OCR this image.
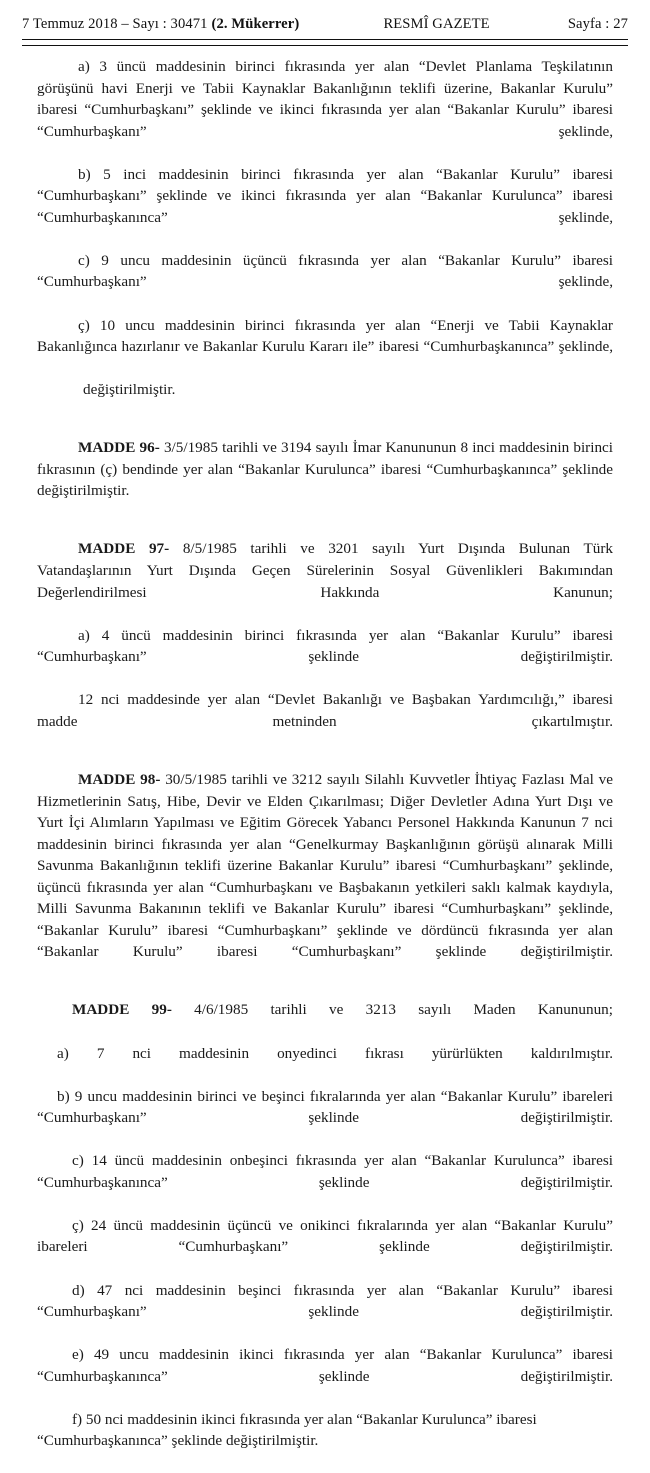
7 Temmuz 2018 – Sayı : 30471 (2. Mükerrer)	RESMÎ GAZETE	Sayfa : 27

a) 3 üncü maddesinin birinci fıkrasında yer alan “Devlet Planlama Teşkilatının görüşünü havi Enerji ve Tabii Kaynaklar Bakanlığının teklifi üzerine, Bakanlar Kurulu” ibaresi “Cumhurbaşkanı” şeklinde ve ikinci fıkrasında yer alan “Bakanlar Kurulu” ibaresi “Cumhurbaşkanı” şeklinde,

b) 5 inci maddesinin birinci fıkrasında yer alan “Bakanlar Kurulu” ibaresi “Cumhurbaşkanı” şeklinde ve ikinci fıkrasında yer alan “Bakanlar Kurulunca” ibaresi “Cumhurbaşkanınca” şeklinde,

c) 9 uncu maddesinin üçüncü fıkrasında yer alan “Bakanlar Kurulu” ibaresi “Cumhurbaşkanı” şeklinde,

ç) 10 uncu maddesinin birinci fıkrasında yer alan “Enerji ve Tabii Kaynaklar Bakanlığınca hazırlanır ve Bakanlar Kurulu Kararı ile” ibaresi “Cumhurbaşkanınca” şeklinde,

değiştirilmiştir.

MADDE 96- 3/5/1985 tarihli ve 3194 sayılı İmar Kanununun 8 inci maddesinin birinci fıkrasının (ç) bendinde yer alan “Bakanlar Kurulunca” ibaresi “Cumhurbaşkanınca” şeklinde değiştirilmiştir.

MADDE 97- 8/5/1985 tarihli ve 3201 sayılı Yurt Dışında Bulunan Türk Vatandaşlarının Yurt Dışında Geçen Sürelerinin Sosyal Güvenlikleri Bakımından Değerlendirilmesi Hakkında Kanunun;

a) 4 üncü maddesinin birinci fıkrasında yer alan “Bakanlar Kurulu” ibaresi “Cumhurbaşkanı” şeklinde değiştirilmiştir.

12 nci maddesinde yer alan “Devlet Bakanlığı ve Başbakan Yardımcılığı,” ibaresi madde metninden çıkartılmıştır.

MADDE 98- 30/5/1985 tarihli ve 3212 sayılı Silahlı Kuvvetler İhtiyaç Fazlası Mal ve Hizmetlerinin Satış, Hibe, Devir ve Elden Çıkarılması; Diğer Devletler Adına Yurt Dışı ve Yurt İçi Alımların Yapılması ve Eğitim Görecek Yabancı Personel Hakkında Kanunun 7 nci maddesinin birinci fıkrasında yer alan “Genelkurmay Başkanlığının görüşü alınarak Milli Savunma Bakanlığının teklifi üzerine Bakanlar Kurulu” ibaresi “Cumhurbaşkanı” şeklinde, üçüncü fıkrasında yer alan “Cumhurbaşkanı ve Başbakanın yetkileri saklı kalmak kaydıyla, Milli Savunma Bakanının teklifi ve Bakanlar Kurulu” ibaresi “Cumhurbaşkanı” şeklinde, “Bakanlar Kurulu” ibaresi “Cumhurbaşkanı” şeklinde ve dördüncü fıkrasında yer alan “Bakanlar Kurulu” ibaresi “Cumhurbaşkanı” şeklinde değiştirilmiştir.

MADDE 99- 4/6/1985 tarihli ve 3213 sayılı Maden Kanununun;

a) 7 nci maddesinin onyedinci fıkrası yürürlükten kaldırılmıştır.

b) 9 uncu maddesinin birinci ve beşinci fıkralarında yer alan “Bakanlar Kurulu” ibareleri “Cumhurbaşkanı” şeklinde değiştirilmiştir.

c) 14 üncü maddesinin onbeşinci fıkrasında yer alan “Bakanlar Kurulunca” ibaresi “Cumhurbaşkanınca” şeklinde değiştirilmiştir.

ç) 24 üncü maddesinin üçüncü ve onikinci fıkralarında yer alan “Bakanlar Kurulu” ibareleri “Cumhurbaşkanı” şeklinde değiştirilmiştir.

d) 47 nci maddesinin beşinci fıkrasında yer alan “Bakanlar Kurulu” ibaresi “Cumhurbaşkanı” şeklinde değiştirilmiştir.

e) 49 uncu maddesinin ikinci fıkrasında yer alan “Bakanlar Kurulunca” ibaresi “Cumhurbaşkanınca” şeklinde değiştirilmiştir.

f) 50 nci maddesinin ikinci fıkrasında yer alan “Bakanlar Kurulunca” ibaresi “Cumhurbaşkanınca” şeklinde değiştirilmiştir.
